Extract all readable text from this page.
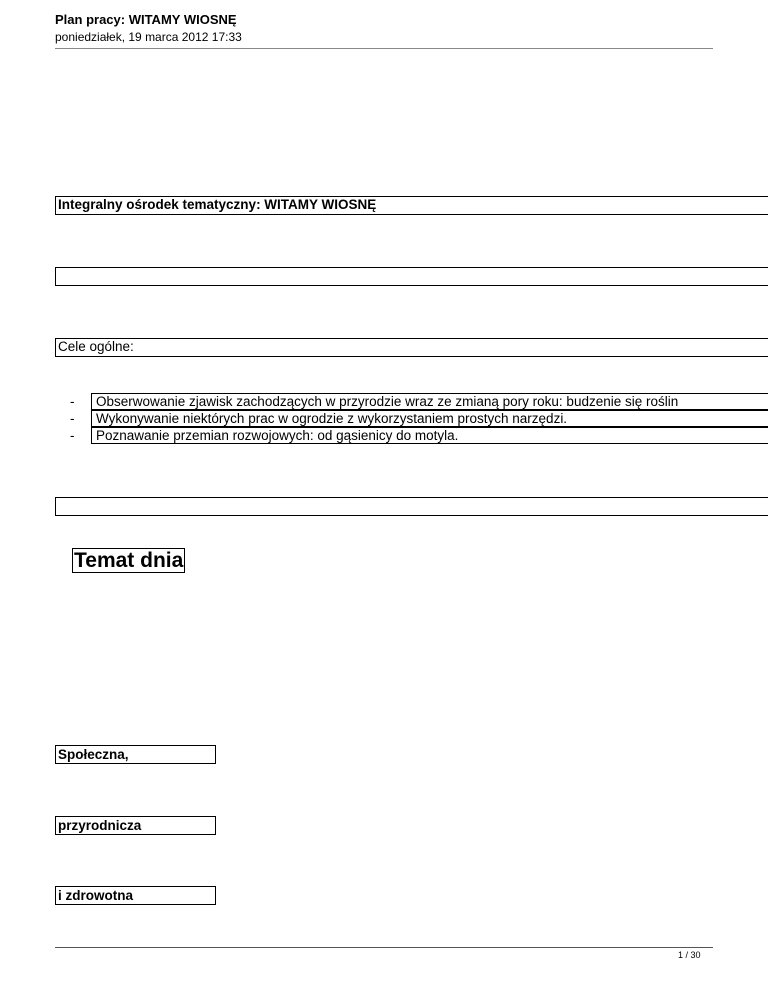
Plan pracy: WITAMY WIOSNĘ
poniedziałek, 19 marca 2012 17:33
Integralny ośrodek tematyczny: WITAMY WIOSNĘ
Cele ogólne:
-	Obserwowanie zjawisk zachodzących w przyrodzie wraz ze zmianą pory roku: budzenie się roślin
-	Wykonywanie niektórych prac w ogrodzie z wykorzystaniem prostych narzędzi.
-	Poznawanie przemian rozwojowych: od gąsienicy do motyla.
Temat dnia
Społeczna,
przyrodnicza
i zdrowotna
1 / 30
